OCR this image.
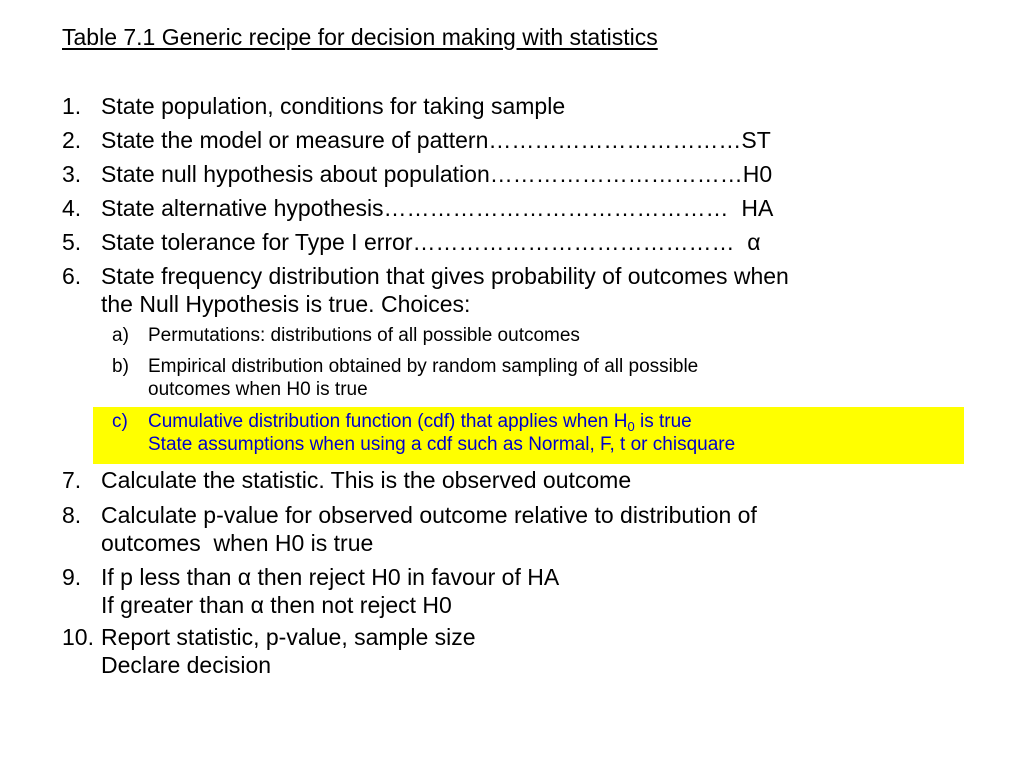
Table 7.1 Generic recipe for decision making with statistics
1. State population, conditions for taking sample
2. State the model or measure of pattern……………………………ST
3. State null hypothesis about population……………………………H0
4. State alternative hypothesis………………………………………  HA
5. State tolerance for Type I error……………………………………  α
6. State frequency distribution that gives probability of outcomes when
the Null Hypothesis is true. Choices:
a) Permutations: distributions of all possible outcomes
b) Empirical distribution obtained by random sampling of all possible
outcomes when H0 is true
c) Cumulative distribution function (cdf) that applies when $H_0$ is true
State assumptions when using a cdf such as Normal, F, t or chisquare
7. Calculate the statistic. This is the observed outcome
8. Calculate p-value for observed outcome relative to distribution of
outcomes  when H0 is true
9. If p less than α then reject H0 in favour of HA
If greater than α then not reject H0
10. Report statistic, p-value, sample size
Declare decision
